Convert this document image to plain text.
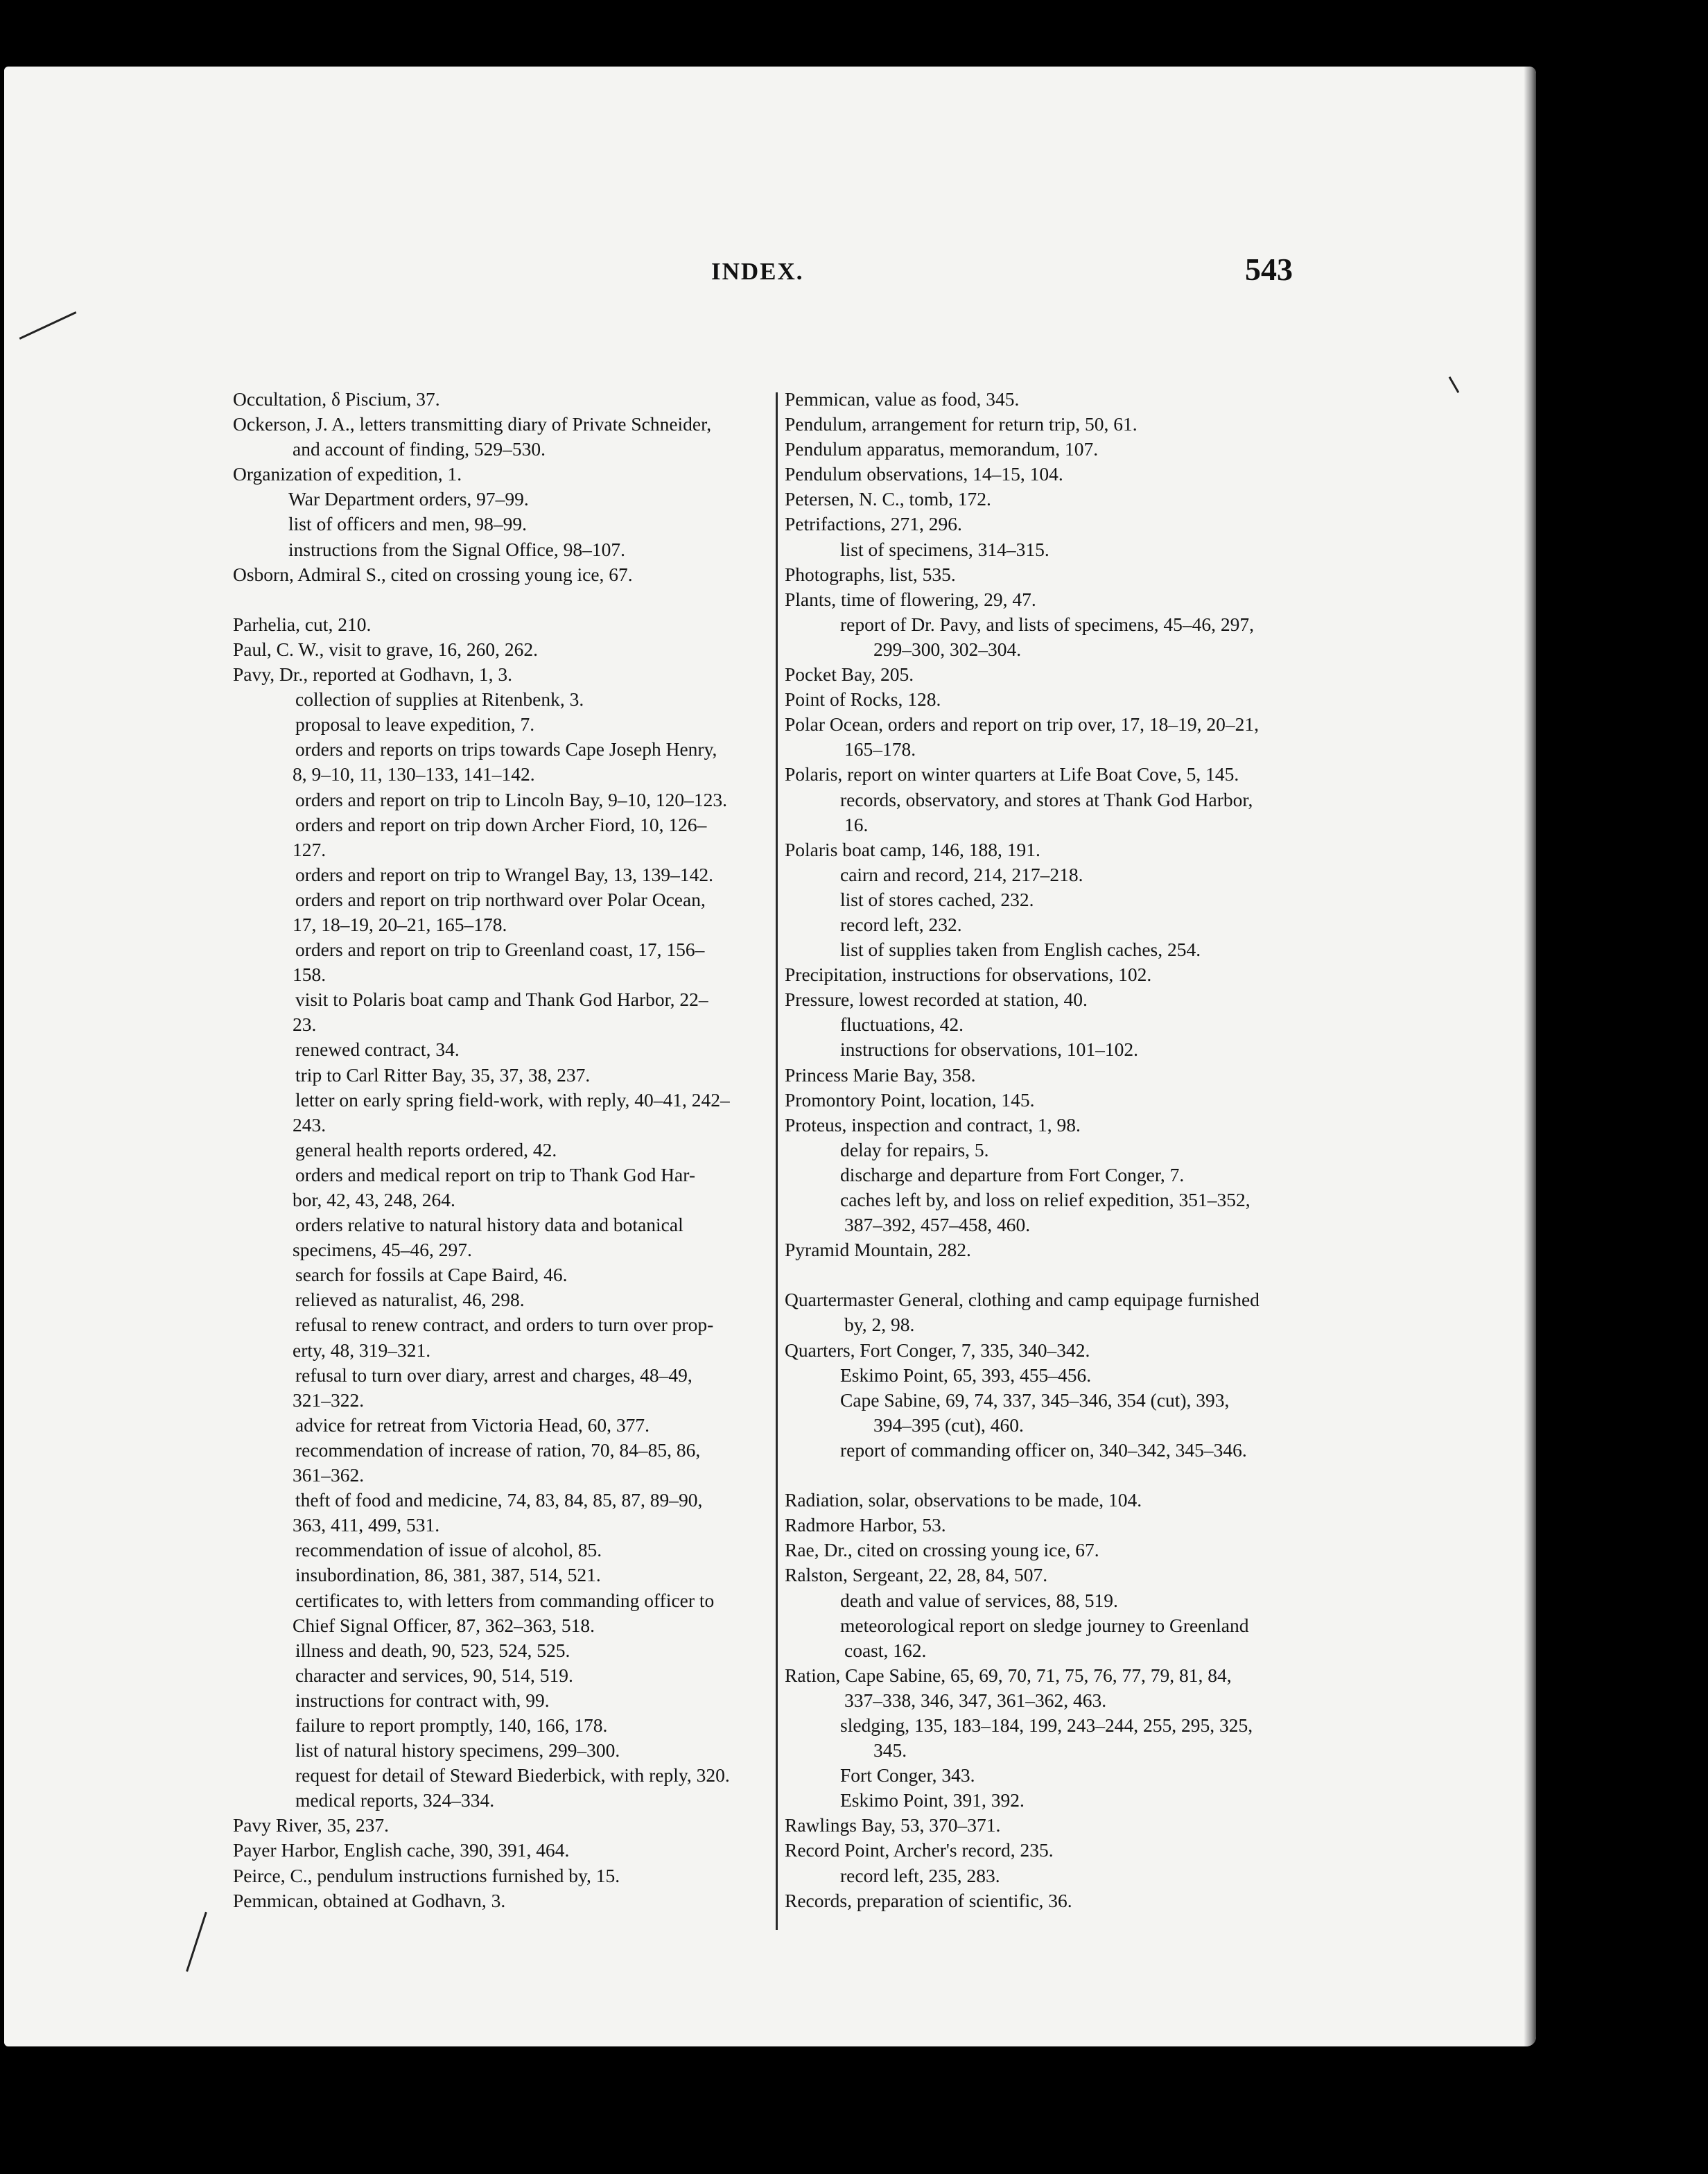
INDEX.	543
Occultation, δ Piscium, 37.
Ockerson, J. A., letters transmitting diary of Private Schneider,
and account of finding, 529–530.
Organization of expedition, 1.
War Department orders, 97–99.
list of officers and men, 98–99.
instructions from the Signal Office, 98–107.
Osborn, Admiral S., cited on crossing young ice, 67.
Parhelia, cut, 210.
Paul, C. W., visit to grave, 16, 260, 262.
Pavy, Dr., reported at Godhavn, 1, 3.
collection of supplies at Ritenbenk, 3.
proposal to leave expedition, 7.
orders and reports on trips towards Cape Joseph Henry,
8, 9–10, 11, 130–133, 141–142.
orders and report on trip to Lincoln Bay, 9–10, 120–123.
orders and report on trip down Archer Fiord, 10, 126–
127.
orders and report on trip to Wrangel Bay, 13, 139–142.
orders and report on trip northward over Polar Ocean,
17, 18–19, 20–21, 165–178.
orders and report on trip to Greenland coast, 17, 156–
158.
visit to Polaris boat camp and Thank God Harbor, 22–
23.
renewed contract, 34.
trip to Carl Ritter Bay, 35, 37, 38, 237.
letter on early spring field-work, with reply, 40–41, 242–
243.
general health reports ordered, 42.
orders and medical report on trip to Thank God Har-
bor, 42, 43, 248, 264.
orders relative to natural history data and botanical
specimens, 45–46, 297.
search for fossils at Cape Baird, 46.
relieved as naturalist, 46, 298.
refusal to renew contract, and orders to turn over prop-
erty, 48, 319–321.
refusal to turn over diary, arrest and charges, 48–49,
321–322.
advice for retreat from Victoria Head, 60, 377.
recommendation of increase of ration, 70, 84–85, 86,
361–362.
theft of food and medicine, 74, 83, 84, 85, 87, 89–90,
363, 411, 499, 531.
recommendation of issue of alcohol, 85.
insubordination, 86, 381, 387, 514, 521.
certificates to, with letters from commanding officer to
Chief Signal Officer, 87, 362–363, 518.
illness and death, 90, 523, 524, 525.
character and services, 90, 514, 519.
instructions for contract with, 99.
failure to report promptly, 140, 166, 178.
list of natural history specimens, 299–300.
request for detail of Steward Biederbick, with reply, 320.
medical reports, 324–334.
Pavy River, 35, 237.
Payer Harbor, English cache, 390, 391, 464.
Peirce, C., pendulum instructions furnished by, 15.
Pemmican, obtained at Godhavn, 3.
Pemmican, value as food, 345.
Pendulum, arrangement for return trip, 50, 61.
Pendulum apparatus, memorandum, 107.
Pendulum observations, 14–15, 104.
Petersen, N. C., tomb, 172.
Petrifactions, 271, 296.
list of specimens, 314–315.
Photographs, list, 535.
Plants, time of flowering, 29, 47.
report of Dr. Pavy, and lists of specimens, 45–46, 297,
299–300, 302–304.
Pocket Bay, 205.
Point of Rocks, 128.
Polar Ocean, orders and report on trip over, 17, 18–19, 20–21,
165–178.
Polaris, report on winter quarters at Life Boat Cove, 5, 145.
records, observatory, and stores at Thank God Harbor,
16.
Polaris boat camp, 146, 188, 191.
cairn and record, 214, 217–218.
list of stores cached, 232.
record left, 232.
list of supplies taken from English caches, 254.
Precipitation, instructions for observations, 102.
Pressure, lowest recorded at station, 40.
fluctuations, 42.
instructions for observations, 101–102.
Princess Marie Bay, 358.
Promontory Point, location, 145.
Proteus, inspection and contract, 1, 98.
delay for repairs, 5.
discharge and departure from Fort Conger, 7.
caches left by, and loss on relief expedition, 351–352,
387–392, 457–458, 460.
Pyramid Mountain, 282.
Quartermaster General, clothing and camp equipage furnished
by, 2, 98.
Quarters, Fort Conger, 7, 335, 340–342.
Eskimo Point, 65, 393, 455–456.
Cape Sabine, 69, 74, 337, 345–346, 354 (cut), 393,
394–395 (cut), 460.
report of commanding officer on, 340–342, 345–346.
Radiation, solar, observations to be made, 104.
Radmore Harbor, 53.
Rae, Dr., cited on crossing young ice, 67.
Ralston, Sergeant, 22, 28, 84, 507.
death and value of services, 88, 519.
meteorological report on sledge journey to Greenland
coast, 162.
Ration, Cape Sabine, 65, 69, 70, 71, 75, 76, 77, 79, 81, 84,
337–338, 346, 347, 361–362, 463.
sledging, 135, 183–184, 199, 243–244, 255, 295, 325,
345.
Fort Conger, 343.
Eskimo Point, 391, 392.
Rawlings Bay, 53, 370–371.
Record Point, Archer's record, 235.
record left, 235, 283.
Records, preparation of scientific, 36.
